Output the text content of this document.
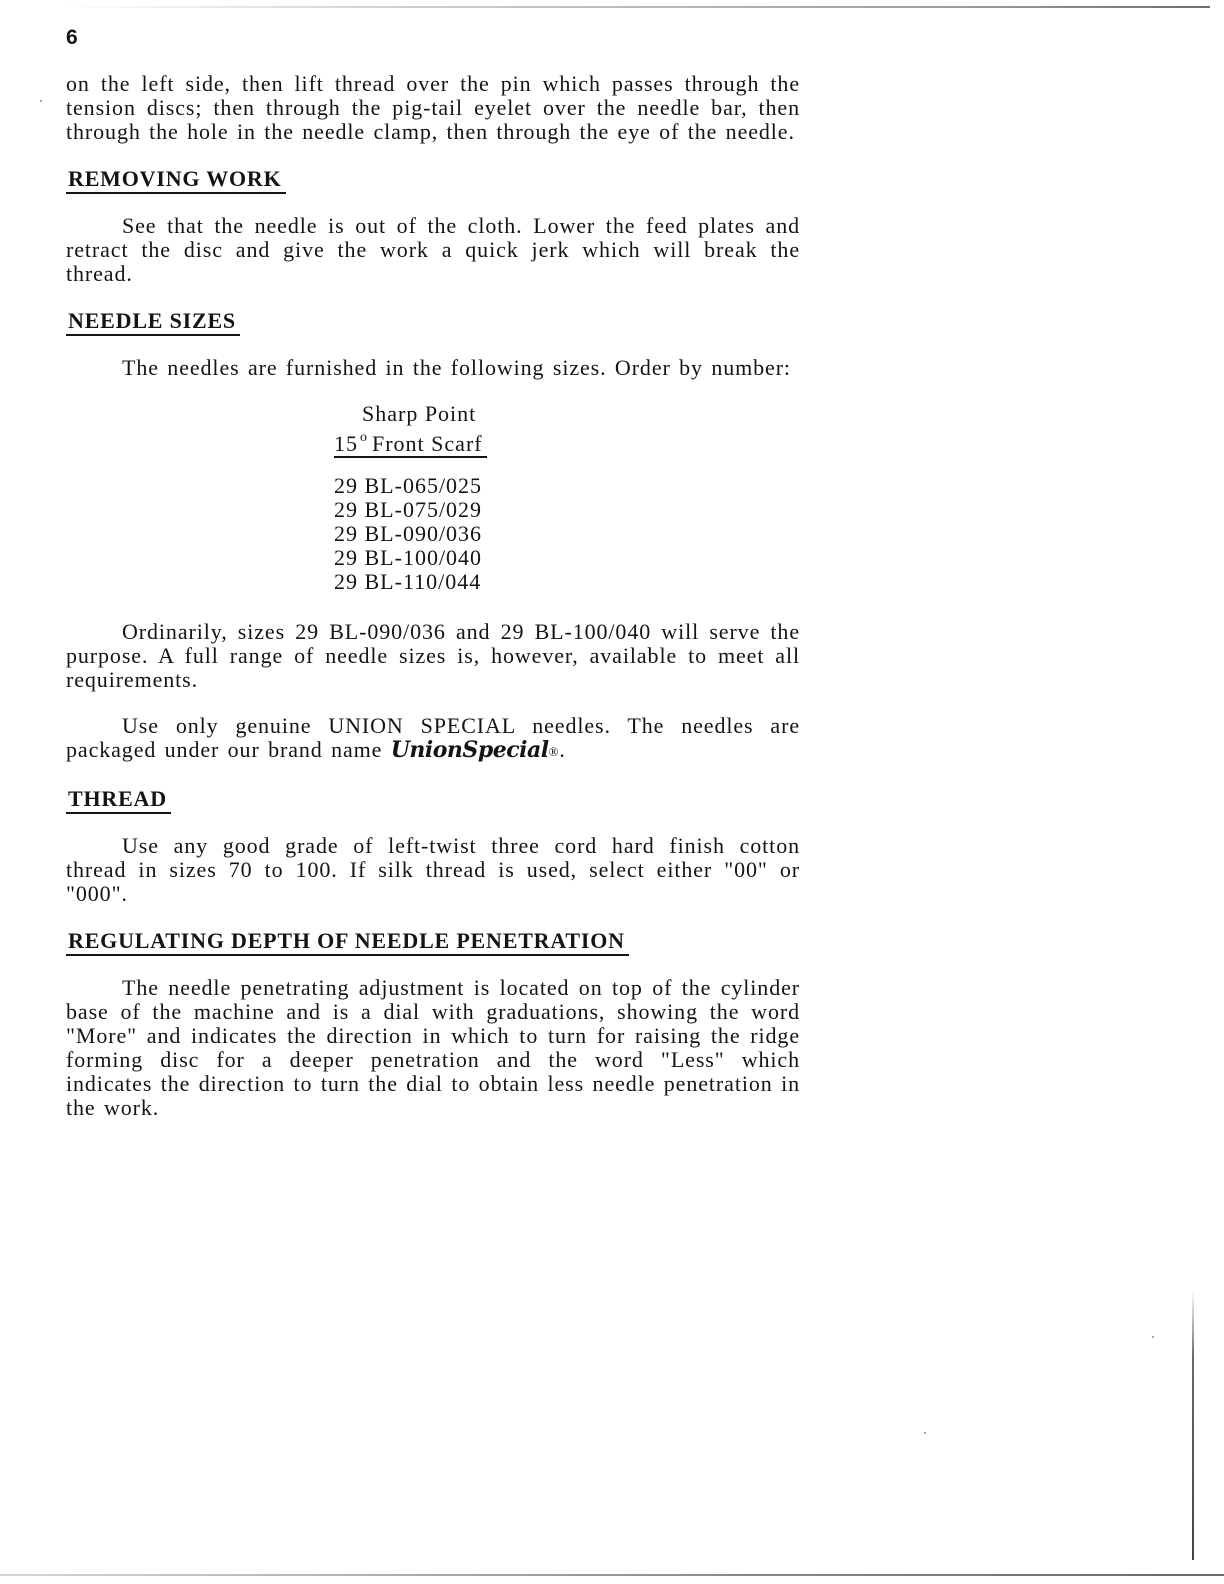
6

on the left side, then lift thread over the pin which passes through the tension discs; then through the pig-tail eyelet over the needle bar, then through the hole in the needle clamp, then through the eye of the needle.

REMOVING WORK

See that the needle is out of the cloth. Lower the feed plates and retract the disc and give the work a quick jerk which will break the thread.

NEEDLE SIZES

The needles are furnished in the following sizes. Order by number:

Sharp Point
15 $^o$ Front Scarf
29 BL-065/025
29 BL-075/029
29 BL-090/036
29 BL-100/040
29 BL-110/044

Ordinarily, sizes 29 BL-090/036 and 29 BL-100/040 will serve the purpose. A full range of needle sizes is, however, available to meet all requirements.

Use only genuine UNION SPECIAL needles. The needles are packaged under our brand name UnionSpecial®.

THREAD

Use any good grade of left-twist three cord hard finish cotton thread in sizes 70 to 100. If silk thread is used, select either "00" or "000".

REGULATING DEPTH OF NEEDLE PENETRATION

The needle penetrating adjustment is located on top of the cylinder base of the machine and is a dial with graduations, showing the word "More" and indicates the direction in which to turn for raising the ridge forming disc for a deeper penetration and the word "Less" which indicates the direction to turn the dial to obtain less needle penetration in the work.
